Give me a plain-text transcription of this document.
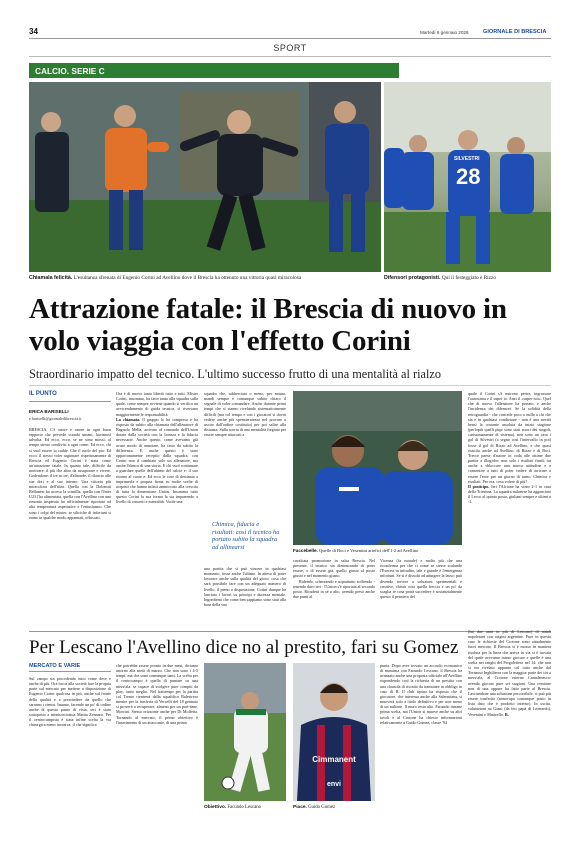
34	Martedì 6 gennaio 2026	GIORNALE DI BRESCIA
SPORT
CALCIO. SERIE C
SILVESTRI
28
Chiamala felicità. L'esultanza sfrenata di Eugenio Corini ad Avellino dove il Brescia ha ottenuto una vittoria quasi miracolosa	Difensori protagonisti. Qui il festeggiato è Rizzo
Attrazione fatale: il Brescia di nuovo in volo viaggia con l'effetto Corini
Straordinario impatto del tecnico. L'ultimo successo frutto di una mentalità al rialzo
IL PUNTO
ERICA BARISELLI
e.bariselli@giornaledibrescia.it

BRESCIA. C'è onore e onore in ogni buon rapporto che prevede scambi umani, lacrimosi talvolta. Ed ecco, ecco, se ne sono mossi: al tempo stesso condivisi a ogni come: Ed ecco, chi si vuol essere io cadde. Che il ruolo del pio: Ed ecco: il stesso voler ragionare rispettosamente di Brescia ed Eugenio Corini è stata come un'attrazione fatale. In quanto tale, difficile da motivare: il più che altro da assaporare e vivere. Godendone: il tre su tre, d'altronde, il rilancio alle sue doti e al suo interno: Una vittoria più miracolosa dell'altra. Quella con la Dolomiti Bellunesi ha acceso la scintilla, quella con l'Inter U23 l'ha alimentata, quella con l'Avellino con una rimonta insperata ha ufficialmente riportato ad alta temperatura aspettative e l'entusiasmo. Che sono i colpi del mister, se siliciche di infortuni si erano in qualche modo appannati, offuscati.

Ora è di nuovo tanta libertà tutto e tutti. Mister Corini, insomma, ha fatto tanta alla squadra sulla quale, come sempre avviene quando si verifica un avvicendamento di guida tecnica, si riversano maggiormente le responsabilità.

La chiamata. Il gruppo lo ha compreso e ha risposto da subito alla chiamata dell'allenatore di Bagnolo Mella, arrivato al comando dell'Union dotato dalla società con la licenza e la fiducia necessarie. Anche questo, come avevamo già avuto modo di annotare, ha fatto da subito la differenza. E anche questo è stato opportunamente recepito dalla squadra, con Corini non il cambiato solo un allenatore, ma anche l'elenco di una storia. E chi vuol continuare a guardare quelle dell'ultimo del calcio e: il suo ritorno al cuore e: Ed ecco le cose di destinato a imprimerla e propria firma su molte scelte di acquisti che hanno infatti ammiccato alla crescita di tutta la dimensione Union. Insomma tutto questo Corini la sua forma la sta imponendo a livello di concetti e mentalità. Vuole una

squadra che, rabberciata o meno, per natura, mandi sempre e comunque subito chiaro il segnale di voler comandare. Anche durante primi tempi che si stanno rivelando sistematicamente difficili (ma col tempo e con i giocatori si dovrà vedere anche più spensieratezza nel provare a uscire dall'ordine costituito) per poi salire alla distanza. Sulla scorta di una mentalità forgiata per essere sempre attaccati a

Chimica, fiducia e risultati: così il tecnico ha portato subito la squadra ad allinearsi

una partita che si può vincere in qualsiasi momento, fosse anche l'ultimo. In attesa di poter lavorare anche sulla qualità del gioco, cosa che sarà possibile fare con un adeguato numero di livello, il pieno a disposizione. Corini dunque ha lanciato i lavori su principi e durezza mentale. Ingredienti che come ben sappiamo sono stati alla base della sua

Faccebelle. Quelle di Boci e Vesentini artefici dell'1-2 ad Avellino

cavalcata promozione in salsa Brescia. Nel presente, il tecnico sta dimostrando di poter essere, o di essere già, quello giusto al posto giusto e nel momento giusto.

Ridendo, scherzando e soprattutto soffrendo - tenendo duro ieri - l'Union s'è riportata al secondo posto. Ricuderà in sé a alto, avendo preso anche due punti al

Vicenza (fa morale) e molto più che una riconferma per che ci come se stesse scalando l'Everest in infradito, tale e grande è l'emergenza infortuni. Se si è dissolti ad attingere la lasso: può divendo torcere a soluzioni sperimentali e creative, chissà cosa quella freccia e un po' da scaglia re cosa potrà succedere è sostanzialmente questo il pensiero del

quale il Corini s'è nutrono perire, ingrossare l'autostima e il super io. Anzi il «super noi». Quel che di nuovo l'allenatore ha portato, e anche l'incidenza dei difensori. Se la solidità della retroguardia - che concede poco o nulla a chi che sia e in qualsiasi condizione - non è una novità bensì la costante assoluta da inizio stagione (perlopiù quelli pupi sono stati errori dei singoli, carissimamente di sistema), non sono un caso i gol di Silvestri (a segno così l'intervallo in poi) fosse il gol di Rizzo ad Avellino, e che quasi riuscito anche ad Avellino, di Rizzo e di Boci. Trecce paese d'autore in coda alle ottime due partite a illogiche: non solo i risultati finali, tra anche a sbloccare una nuova attitudine e a consentire a tutti di poter cedere di arrivare a essere l'eroe per un giorno di turno. Chimica e risultati. Per ora, cosa volere di più?

Il posticipo. Ieri l'Alcione ha vinto 2-1 in casa della Triestina. La squadra milanese ha agganciato il Lecco al quinto posto, giuliani sempre e ultimi a -2.

Per Lescano l'Avellino dice no al prestito, fari su Gomez
MERCATO E VARIE

Sul campo sta procedendo tutto come deve e anche di più. Ora tocca alla società fare la propria parte sul mercato per mettere a disposizione di Eugenio Corini qualcosa in più, anche sul fronte della qualità e a prescindere da quello che saranno i rientri. Intanto, facendo un po' di ordine anche di questo punto di vista, ieri è stato sottoposto a meniscectomia Mattia Zennaro. Per il centrocampista è stata infine scelta la via chirurgica meno invasiva: il che significa

che potrebbe essere pronto in due mesi, diciamo intorno alla metà di marzo. Che non sono i 4-5 tempi, ma che sono comunque tanti. La scelta per il centrocampo è quella di puntare su una mezz'ala: se capace di svolgere pure compiti da play, tanto meglio. Nel frattempo per la partita col Trento rientrerà dalla squalifica Balestrero mentre per la trasferta di Vercelli del 18 gennaio si proverà a recuperare, almeno per un part-time, Morcari. Stesso orizzonte anche per Di Molfetta. Tornando al mercato, il primo obiettivo è l'inserimento di un attaccante, di una prima

Obiettivo. Facundo Lescano
Cimmanent
envi
Piace. Guido Gomez

punta. Dopo aver trovato un accordo economico di massima con Facundo Lescano, il Brescia ha avanzato anche una proposta ufficiale all'Avellino rispondendo così la richiesta di un prestito con una clausola di riscatto da tramutare in obbligo in caso di B. Il club irpino ha risposto che il giocatore, che interessa anche alla Salernitana, si muoverà solo a titolo definitivo e per non meno di un milione. Il muro resta alto. Facundo rimane prima scelta, ma l'Union si muove anche su altri tavoli e al Crotone ha chiesto informazioni relativamente a Guido Gomez, classe '94

(lui due anni in più di Lescano) di natali napoletani con origini argentine. Pure in questo caso le richieste del Crotone sono attualmente fuori mercato. Il Brescia si è mosso in maniera risoluta per la linea che arriva in via si è trovata del quale avevamo inteso giocare e quelle è una scelta nei ranghi del Pergolettese nel 14: che non si era rivelato appunto col tutto anche dal Tornasso Inghilterra con la maggior parte dei tiri a mezz'ala, al Crotone esterno Cantalenesco: avendo giocato pure sei stagioni. Una cessione non di una oppure ha fatto parte al Brescia. Lasciandone una soluzione percorribile, ci può più essere trasferito (nonocupa comunque posto in lista dato che è prodotto interno). In uscita, valutazioni su Giani (da ieri papà di Leonardo), Vesentini e Mastrello. R.
